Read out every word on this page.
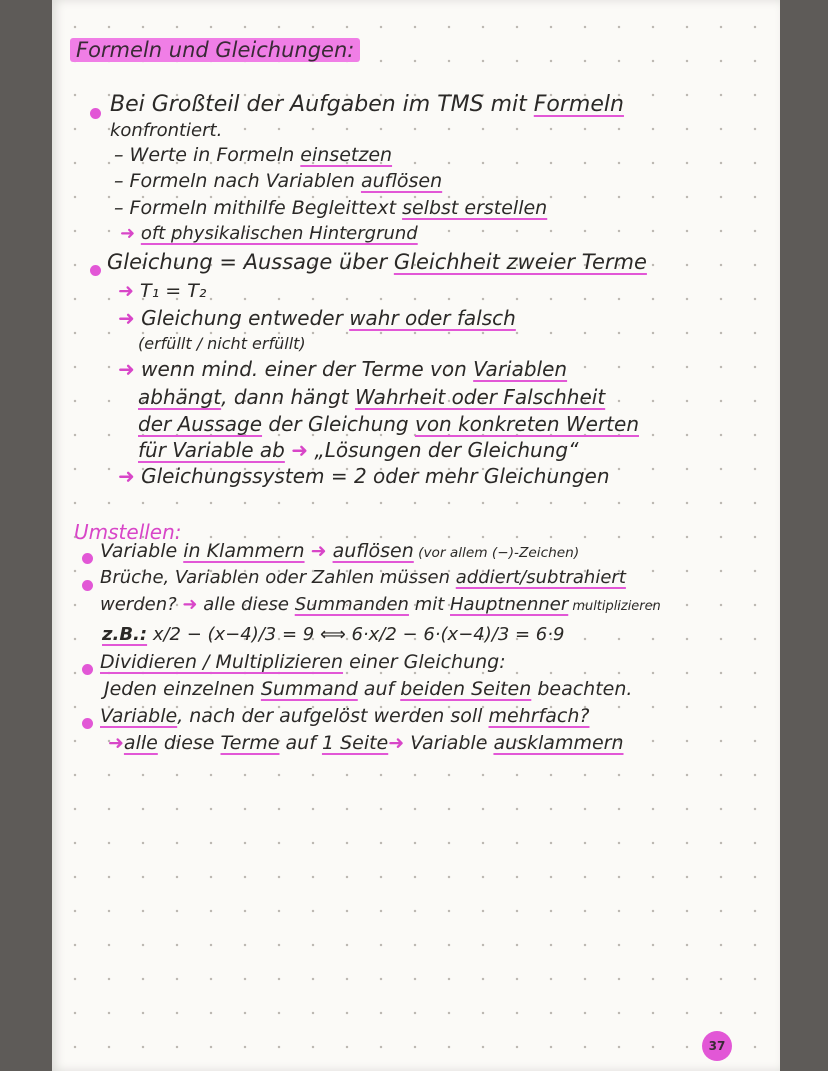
Formeln und Gleichungen:

Bei Großteil der Aufgaben im TMS mit Formeln

konfrontiert.

– Werte in Formeln einsetzen

– Formeln nach Variablen auflösen

– Formeln mithilfe Begleittext selbst erstellen

➜ oft physikalischen Hintergrund

Gleichung = Aussage über Gleichheit zweier Terme

➜ T₁ = T₂

➜ Gleichung entweder wahr oder falsch

(erfüllt / nicht erfüllt)

➜ wenn mind. einer der Terme von Variablen

abhängt, dann hängt Wahrheit oder Falschheit

der Aussage der Gleichung von konkreten Werten

für Variable ab ➜ „Lösungen der Gleichung“

➜ Gleichungssystem = 2 oder mehr Gleichungen

Umstellen:

Variable in Klammern ➜ auflösen (vor allem (−)-Zeichen)

Brüche, Variablen oder Zahlen müssen addiert/subtrahiert

werden? ➜ alle diese Summanden mit Hauptnenner multiplizieren

z.B.: x/2 − (x−4)/3 = 9 ⟺ 6·x/2 − 6·(x−4)/3 = 6·9

Dividieren / Multiplizieren einer Gleichung:

Jeden einzelnen Summand auf beiden Seiten beachten.

Variable, nach der aufgelöst werden soll mehrfach?

➜alle diese Terme auf 1 Seite➜ Variable ausklammern

37
